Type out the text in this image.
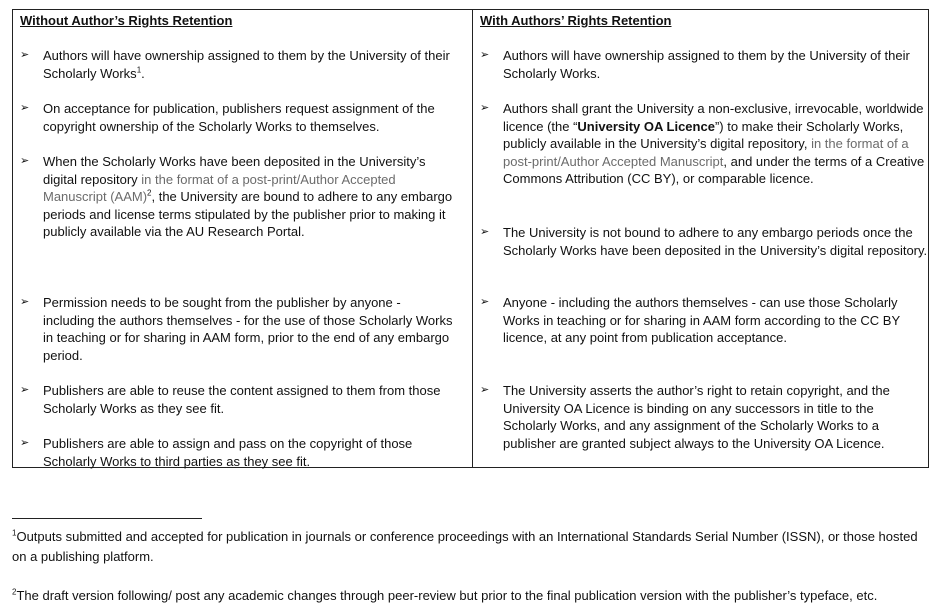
Without Author’s Rights Retention
➢ Authors will have ownership assigned to them by the University of their Scholarly Works$^1$.
➢ On acceptance for publication, publishers request assignment of the copyright ownership of the Scholarly Works to themselves.
➢ When the Scholarly Works have been deposited in the University’s digital repository in the format of a post-print/Author Accepted Manuscript (AAM)$^2$, the University are bound to adhere to any embargo periods and license terms stipulated by the publisher prior to making it publicly available via the AU Research Portal.
➢ Permission needs to be sought from the publisher by anyone - including the authors themselves - for the use of those Scholarly Works in teaching or for sharing in AAM form, prior to the end of any embargo period.
➢ Publishers are able to reuse the content assigned to them from those Scholarly Works as they see fit.
➢ Publishers are able to assign and pass on the copyright of those Scholarly Works to third parties as they see fit.
With Authors’ Rights Retention
➢ Authors will have ownership assigned to them by the University of their Scholarly Works.
➢ Authors shall grant the University a non-exclusive, irrevocable, worldwide licence (the “University OA Licence”) to make their Scholarly Works, publicly available in the University’s digital repository, in the format of a post-print/Author Accepted Manuscript, and under the terms of a Creative Commons Attribution (CC BY), or comparable licence.
➢ The University is not bound to adhere to any embargo periods once the Scholarly Works have been deposited in the University’s digital repository.
➢ Anyone - including the authors themselves - can use those Scholarly Works in teaching or for sharing in AAM form according to the CC BY licence, at any point from publication acceptance.
➢ The University asserts the author’s right to retain copyright, and the University OA Licence is binding on any successors in title to the Scholarly Works, and any assignment of the Scholarly Works to a publisher are granted subject always to the University OA Licence.
$^1$Outputs submitted and accepted for publication in journals or conference proceedings with an International Standards Serial Number (ISSN), or those hosted on a publishing platform.
$^2$The draft version following/ post any academic changes through peer-review but prior to the final publication version with the publisher’s typeface, etc.
